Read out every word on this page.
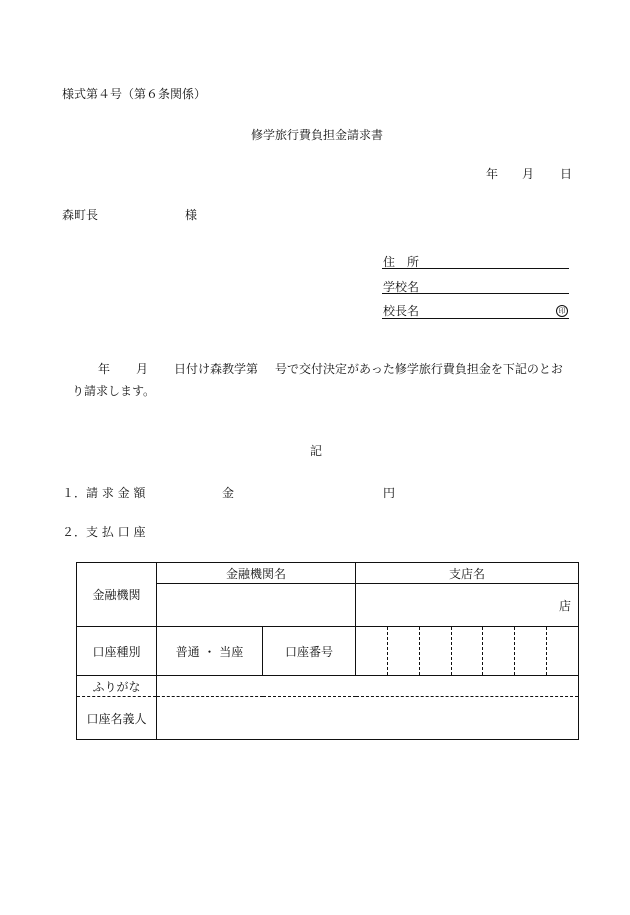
様式第４号（第６条関係）
修学旅行費負担金請求書
年 月 日
森町長	様
住　所
学校名
校長名	印
年 月 日付け森教学第 号で交付決定があった修学旅行費負担金を下記のとお
り請求します。
記
１．請 求 金 額	金	円
２．支 払 口 座
金融機関	金融機関名		支店名
			店
口座種別	普通 ・ 当座	口座番号	

ふりがな			
口座名義人			
